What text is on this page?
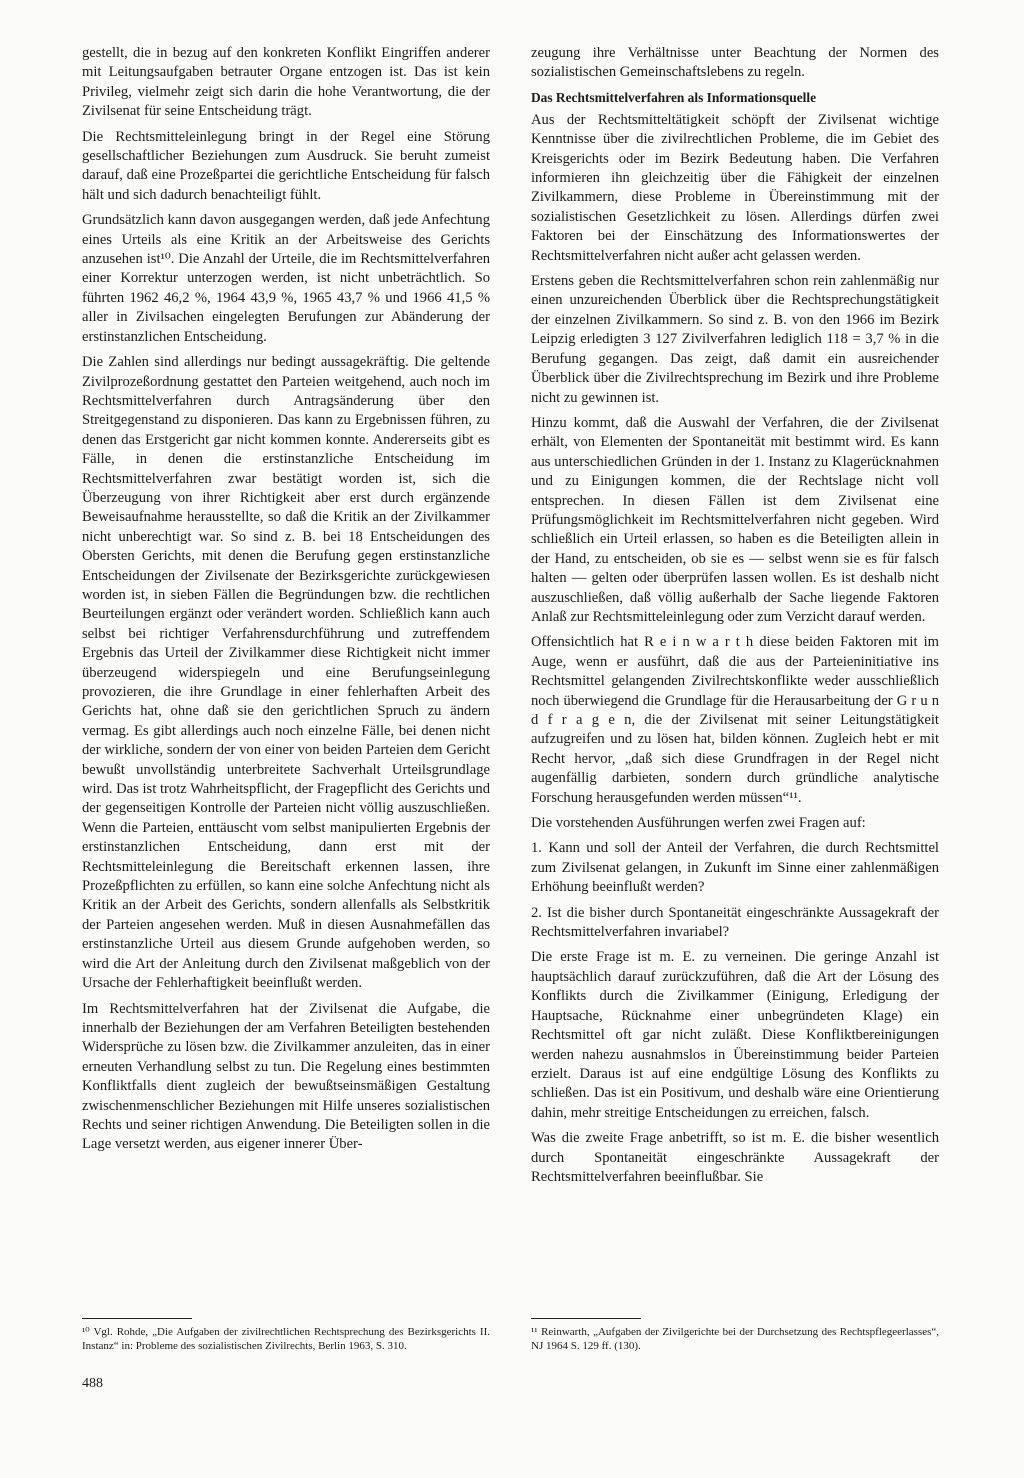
gestellt, die in bezug auf den konkreten Konflikt Eingriffen anderer mit Leitungsaufgaben betrauter Organe entzogen ist. Das ist kein Privileg, vielmehr zeigt sich darin die hohe Verantwortung, die der Zivilsenat für seine Entscheidung trägt.

Die Rechtsmitteleinlegung bringt in der Regel eine Störung gesellschaftlicher Beziehungen zum Ausdruck. Sie beruht zumeist darauf, daß eine Prozeßpartei die gerichtliche Entscheidung für falsch hält und sich dadurch benachteiligt fühlt.

Grundsätzlich kann davon ausgegangen werden, daß jede Anfechtung eines Urteils als eine Kritik an der Arbeitsweise des Gerichts anzusehen ist¹⁰. Die Anzahl der Urteile, die im Rechtsmittelverfahren einer Korrektur unterzogen werden, ist nicht unbeträchtlich. So führten 1962 46,2 %, 1964 43,9 %, 1965 43,7 % und 1966 41,5 % aller in Zivilsachen eingelegten Berufungen zur Abänderung der erstinstanzlichen Entscheidung.

Die Zahlen sind allerdings nur bedingt aussagekräftig. Die geltende Zivilprozeßordnung gestattet den Parteien weitgehend, auch noch im Rechtsmittelverfahren durch Antragsänderung über den Streitgegenstand zu disponieren. Das kann zu Ergebnissen führen, zu denen das Erstgericht gar nicht kommen konnte. Andererseits gibt es Fälle, in denen die erstinstanzliche Entscheidung im Rechtsmittelverfahren zwar bestätigt worden ist, sich die Überzeugung von ihrer Richtigkeit aber erst durch ergänzende Beweisaufnahme herausstellte, so daß die Kritik an der Zivilkammer nicht unberechtigt war. So sind z. B. bei 18 Entscheidungen des Obersten Gerichts, mit denen die Berufung gegen erstinstanzliche Entscheidungen der Zivilsenate der Bezirksgerichte zurückgewiesen worden ist, in sieben Fällen die Begründungen bzw. die rechtlichen Beurteilungen ergänzt oder verändert worden. Schließlich kann auch selbst bei richtiger Verfahrensdurchführung und zutreffendem Ergebnis das Urteil der Zivilkammer diese Richtigkeit nicht immer überzeugend widerspiegeln und eine Berufungseinlegung provozieren, die ihre Grundlage in einer fehlerhaften Arbeit des Gerichts hat, ohne daß sie den gerichtlichen Spruch zu ändern vermag. Es gibt allerdings auch noch einzelne Fälle, bei denen nicht der wirkliche, sondern der von einer von beiden Parteien dem Gericht bewußt unvollständig unterbreitete Sachverhalt Urteilsgrundlage wird. Das ist trotz Wahrheitspflicht, der Fragepflicht des Gerichts und der gegenseitigen Kontrolle der Parteien nicht völlig auszuschließen. Wenn die Parteien, enttäuscht vom selbst manipulierten Ergebnis der erstinstanzlichen Entscheidung, dann erst mit der Rechtsmitteleinlegung die Bereitschaft erkennen lassen, ihre Prozeßpflichten zu erfüllen, so kann eine solche Anfechtung nicht als Kritik an der Arbeit des Gerichts, sondern allenfalls als Selbstkritik der Parteien angesehen werden. Muß in diesen Ausnahmefällen das erstinstanzliche Urteil aus diesem Grunde aufgehoben werden, so wird die Art der Anleitung durch den Zivilsenat maßgeblich von der Ursache der Fehlerhaftigkeit beeinflußt werden.

Im Rechtsmittelverfahren hat der Zivilsenat die Aufgabe, die innerhalb der Beziehungen der am Verfahren Beteiligten bestehenden Widersprüche zu lösen bzw. die Zivilkammer anzuleiten, das in einer erneuten Verhandlung selbst zu tun. Die Regelung eines bestimmten Konfliktfalls dient zugleich der bewußtseinsmäßigen Gestaltung zwischenmenschlicher Beziehungen mit Hilfe unseres sozialistischen Rechts und seiner richtigen Anwendung. Die Beteiligten sollen in die Lage versetzt werden, aus eigener innerer Über-

zeugung ihre Verhältnisse unter Beachtung der Normen des sozialistischen Gemeinschaftslebens zu regeln.

Das Rechtsmittelverfahren als Informationsquelle

Aus der Rechtsmitteltätigkeit schöpft der Zivilsenat wichtige Kenntnisse über die zivilrechtlichen Probleme, die im Gebiet des Kreisgerichts oder im Bezirk Bedeutung haben. Die Verfahren informieren ihn gleichzeitig über die Fähigkeit der einzelnen Zivilkammern, diese Probleme in Übereinstimmung mit der sozialistischen Gesetzlichkeit zu lösen. Allerdings dürfen zwei Faktoren bei der Einschätzung des Informationswertes der Rechtsmittelverfahren nicht außer acht gelassen werden.

Erstens geben die Rechtsmittelverfahren schon rein zahlenmäßig nur einen unzureichenden Überblick über die Rechtsprechungstätigkeit der einzelnen Zivilkammern. So sind z. B. von den 1966 im Bezirk Leipzig erledigten 3 127 Zivilverfahren lediglich 118 = 3,7 % in die Berufung gegangen. Das zeigt, daß damit ein ausreichender Überblick über die Zivilrechtsprechung im Bezirk und ihre Probleme nicht zu gewinnen ist.

Hinzu kommt, daß die Auswahl der Verfahren, die der Zivilsenat erhält, von Elementen der Spontaneität mit bestimmt wird. Es kann aus unterschiedlichen Gründen in der 1. Instanz zu Klagerücknahmen und zu Einigungen kommen, die der Rechtslage nicht voll entsprechen. In diesen Fällen ist dem Zivilsenat eine Prüfungsmöglichkeit im Rechtsmittelverfahren nicht gegeben. Wird schließlich ein Urteil erlassen, so haben es die Beteiligten allein in der Hand, zu entscheiden, ob sie es — selbst wenn sie es für falsch halten — gelten oder überprüfen lassen wollen. Es ist deshalb nicht auszuschließen, daß völlig außerhalb der Sache liegende Faktoren Anlaß zur Rechtsmitteleinlegung oder zum Verzicht darauf werden.

Offensichtlich hat R e i n w a r t h diese beiden Faktoren mit im Auge, wenn er ausführt, daß die aus der Parteieninitiative ins Rechtsmittel gelangenden Zivilrechtskonflikte weder ausschließlich noch überwiegend die Grundlage für die Herausarbeitung der G r u n d f r a g e n, die der Zivilsenat mit seiner Leitungstätigkeit aufzugreifen und zu lösen hat, bilden können. Zugleich hebt er mit Recht hervor, „daß sich diese Grundfragen in der Regel nicht augenfällig darbieten, sondern durch gründliche analytische Forschung herausgefunden werden müssen“¹¹.

Die vorstehenden Ausführungen werfen zwei Fragen auf:

1. Kann und soll der Anteil der Verfahren, die durch Rechtsmittel zum Zivilsenat gelangen, in Zukunft im Sinne einer zahlenmäßigen Erhöhung beeinflußt werden?

2. Ist die bisher durch Spontaneität eingeschränkte Aussagekraft der Rechtsmittelverfahren invariabel?

Die erste Frage ist m. E. zu verneinen. Die geringe Anzahl ist hauptsächlich darauf zurückzuführen, daß die Art der Lösung des Konflikts durch die Zivilkammer (Einigung, Erledigung der Hauptsache, Rücknahme einer unbegründeten Klage) ein Rechtsmittel oft gar nicht zuläßt. Diese Konfliktbereinigungen werden nahezu ausnahmslos in Übereinstimmung beider Parteien erzielt. Daraus ist auf eine endgültige Lösung des Konflikts zu schließen. Das ist ein Positivum, und deshalb wäre eine Orientierung dahin, mehr streitige Entscheidungen zu erreichen, falsch.

Was die zweite Frage anbetrifft, so ist m. E. die bisher wesentlich durch Spontaneität eingeschränkte Aussagekraft der Rechtsmittelverfahren beeinflußbar. Sie

¹⁰ Vgl. Rohde, „Die Aufgaben der zivilrechtlichen Rechtsprechung des Bezirksgerichts II. Instanz“ in: Probleme des sozialistischen Zivilrechts, Berlin 1963, S. 310.

¹¹ Reinwarth, „Aufgaben der Zivilgerichte bei der Durchsetzung des Rechtspflegeerlasses“, NJ 1964 S. 129 ff. (130).

488
